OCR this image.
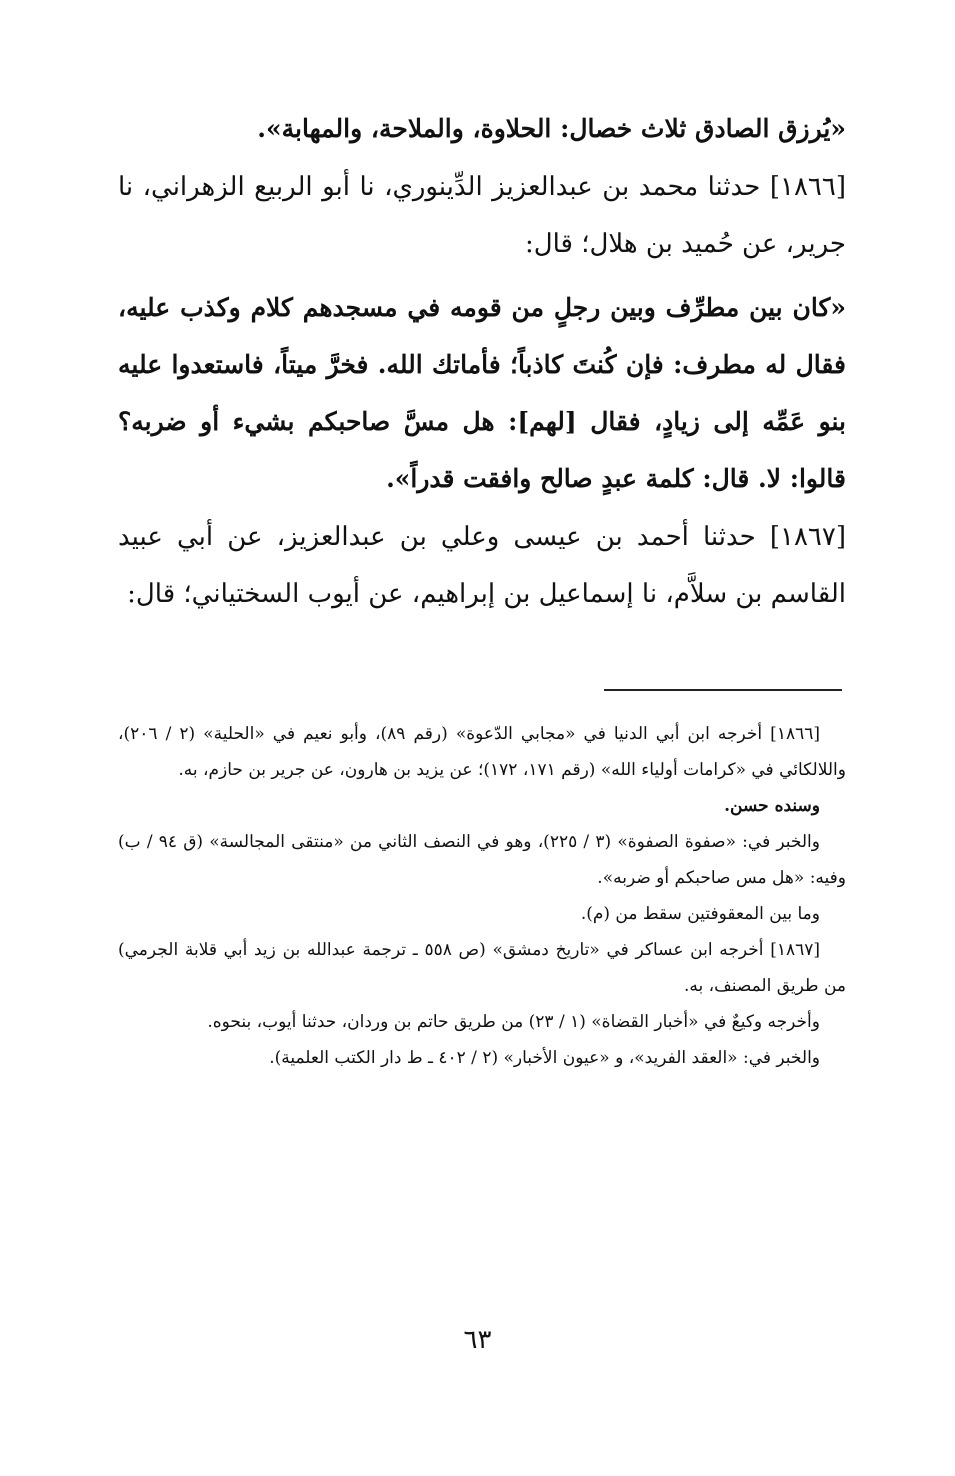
«يُرزق الصادق ثلاث خصال: الحلاوة، والملاحة، والمهابة».

[١٨٦٦] حدثنا محمد بن عبدالعزيز الدِّينوري، نا أبو الربيع الزهراني، نا جرير، عن حُميد بن هلال؛ قال:

«كان بين مطرِّف وبين رجلٍ من قومه في مسجدهم كلام وكذب عليه، فقال له مطرف: فإن كُنتَ كاذباً؛ فأماتك الله. فخرَّ ميتاً، فاستعدوا عليه بنو عَمِّه إلى زيادٍ، فقال [لهم]: هل مسَّ صاحبكم بشيء أو ضربه؟ قالوا: لا. قال: كلمة عبدٍ صالح وافقت قدراً».

[١٨٦٧] حدثنا أحمد بن عيسى وعلي بن عبدالعزيز، عن أبي عبيد القاسم بن سلاَّم، نا إسماعيل بن إبراهيم، عن أيوب السختياني؛ قال:

[١٨٦٦] أخرجه ابن أبي الدنيا في «مجابي الدّعوة» (رقم ٨٩)، وأبو نعيم في «الحلية» (٢ / ٢٠٦)، واللالكائي في «كرامات أولياء الله» (رقم ١٧١، ١٧٢)؛ عن يزيد بن هارون، عن جرير بن حازم، به.

وسنده حسن.

والخبر في: «صفوة الصفوة» (٣ / ٢٢٥)، وهو في النصف الثاني من «منتقى المجالسة» (ق ٩٤ / ب) وفيه: «هل مس صاحبكم أو ضربه».

وما بين المعقوفتين سقط من (م).

[١٨٦٧] أخرجه ابن عساكر في «تاريخ دمشق» (ص ٥٥٨ ـ ترجمة عبدالله بن زيد أبي قلابة الجرمي) من طريق المصنف، به.

وأخرجه وكيعٌ في «أخبار القضاة» (١ / ٢٣) من طريق حاتم بن وردان، حدثنا أيوب، بنحوه.

والخبر في: «العقد الفريد»، و «عيون الأخبار» (٢ / ٤٠٢ ـ ط دار الكتب العلمية).

٦٣
